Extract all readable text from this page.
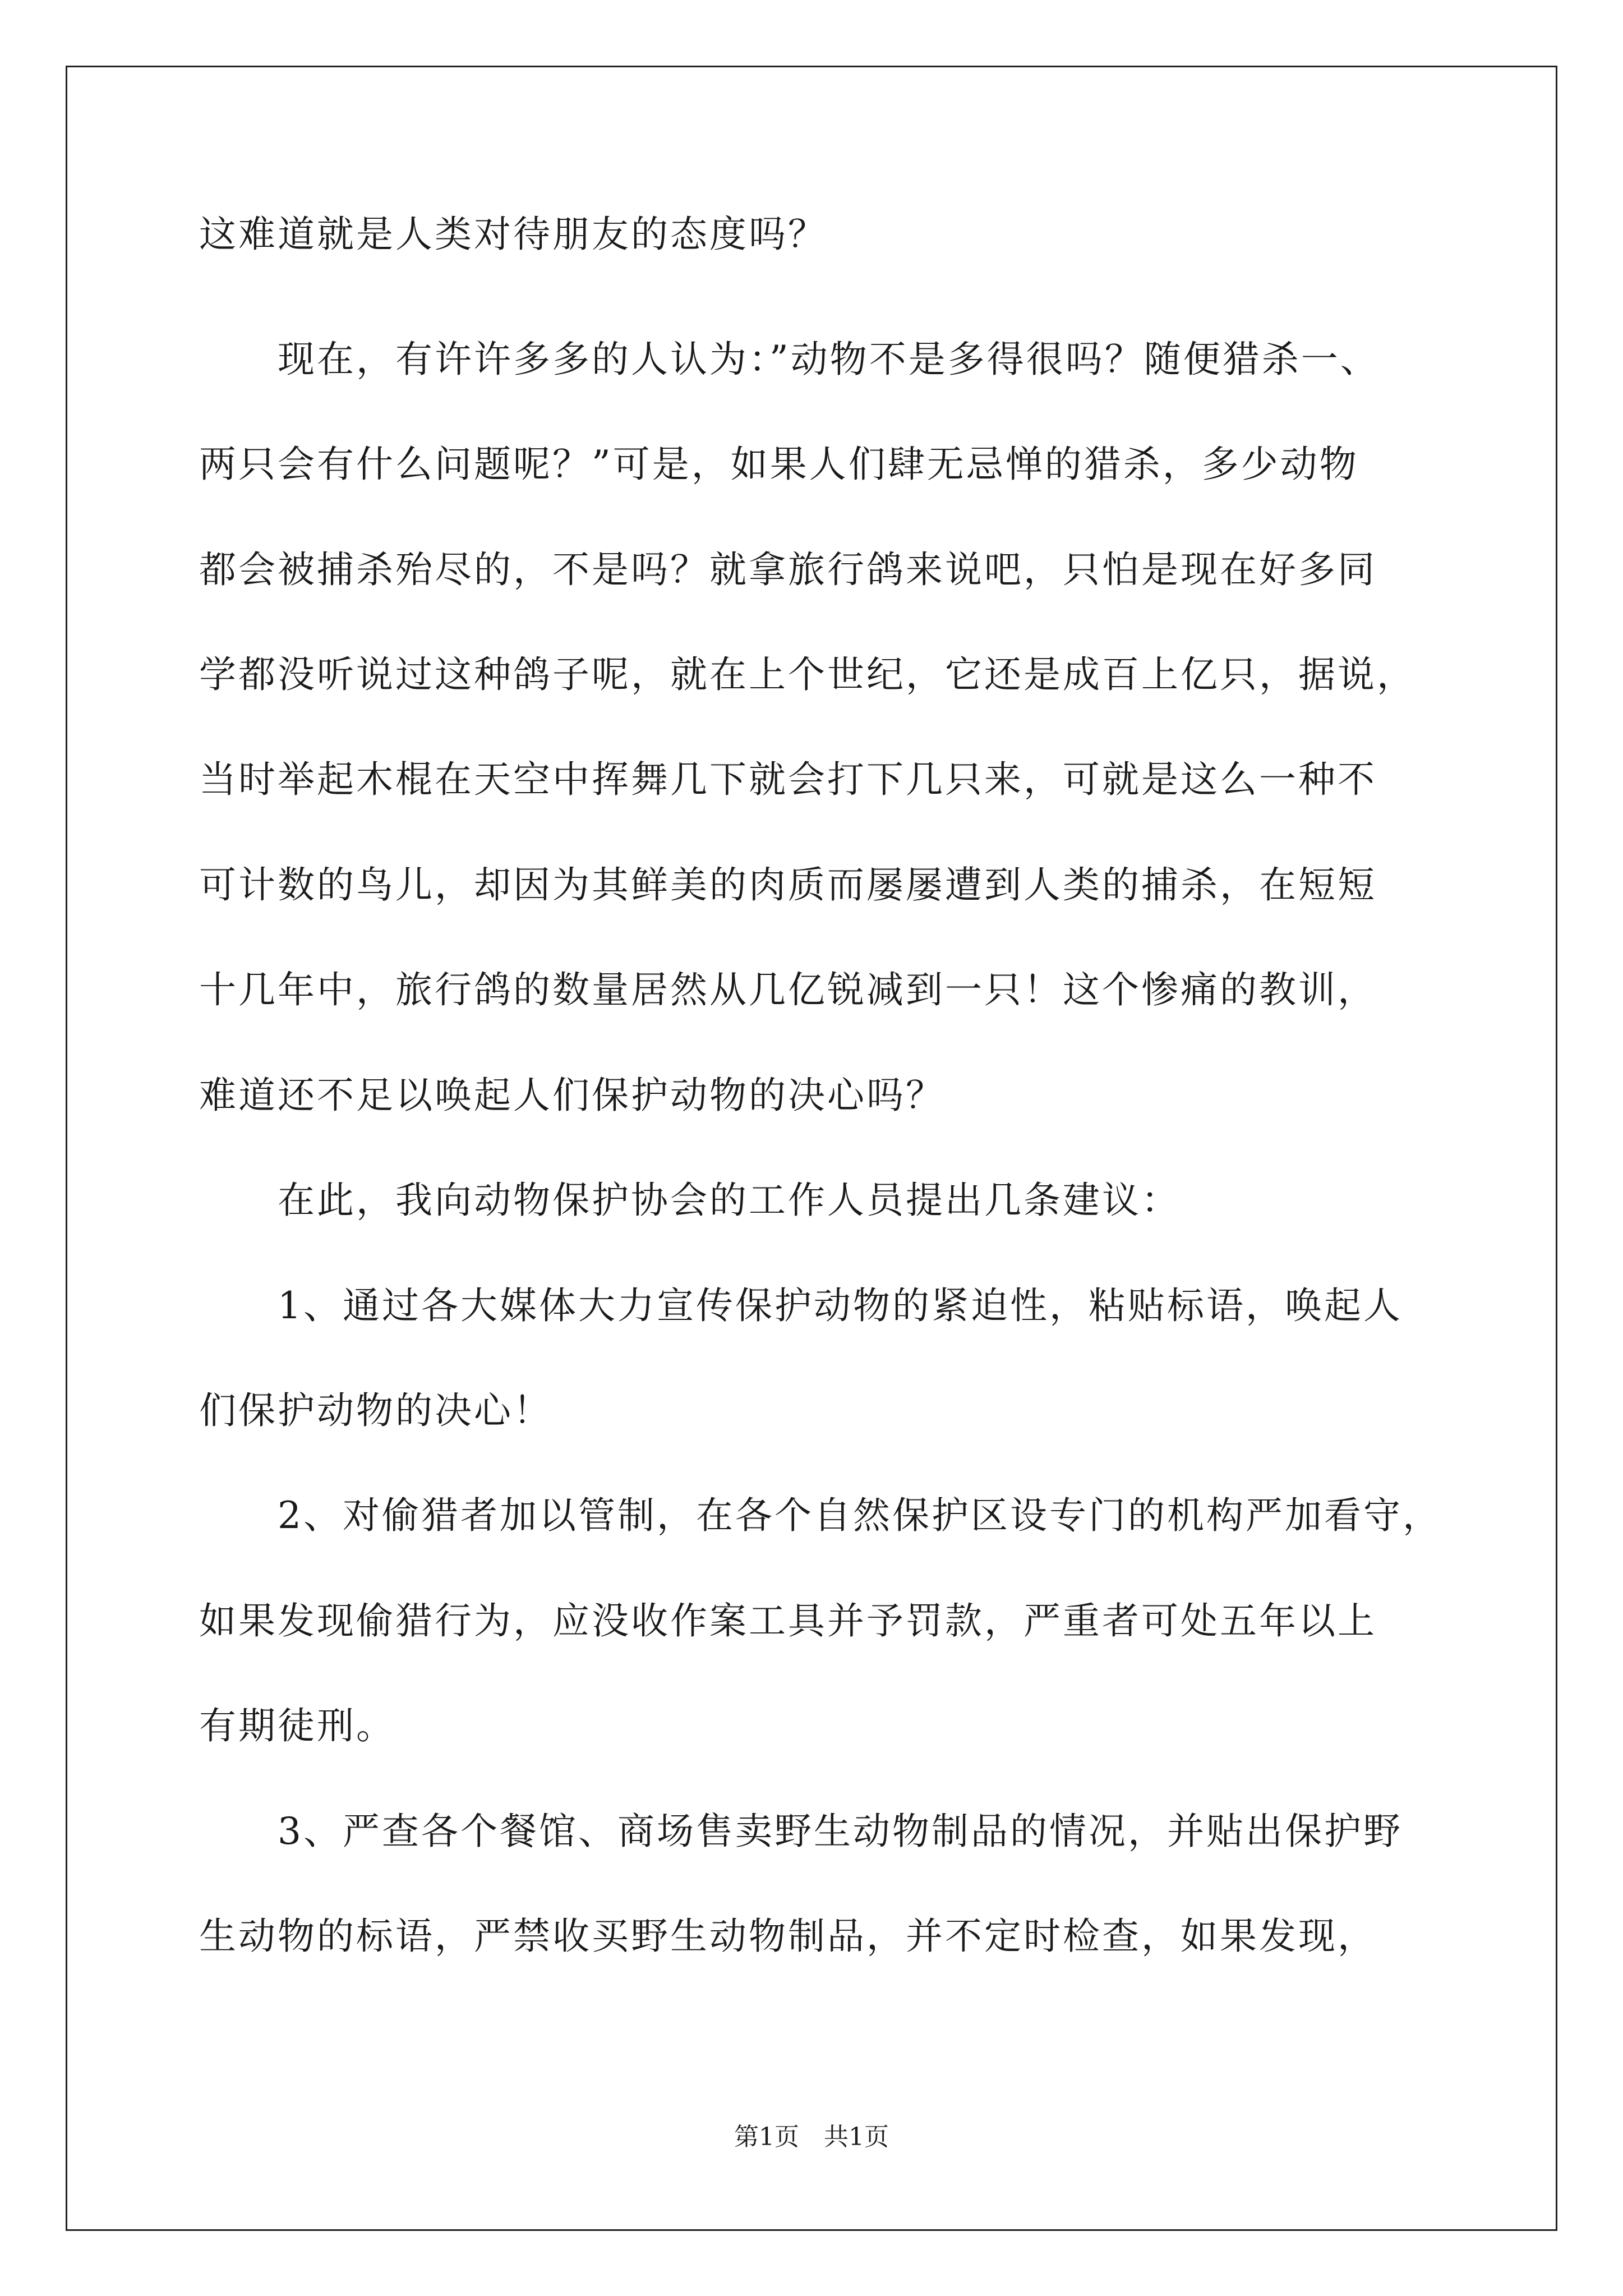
这难道就是人类对待朋友的态度吗？
　　现在，有许许多多的人认为：”动物不是多得很吗？随便猎杀一、
两只会有什么问题呢？”可是，如果人们肆无忌惮的猎杀，多少动物
都会被捕杀殆尽的，不是吗？就拿旅行鸽来说吧，只怕是现在好多同
学都没听说过这种鸽子呢，就在上个世纪，它还是成百上亿只，据说，
当时举起木棍在天空中挥舞几下就会打下几只来，可就是这么一种不
可计数的鸟儿，却因为其鲜美的肉质而屡屡遭到人类的捕杀，在短短
十几年中，旅行鸽的数量居然从几亿锐减到一只！这个惨痛的教训，
难道还不足以唤起人们保护动物的决心吗？
　　在此，我向动物保护协会的工作人员提出几条建议：
　　1、通过各大媒体大力宣传保护动物的紧迫性，粘贴标语，唤起人
们保护动物的决心！
　　2、对偷猎者加以管制，在各个自然保护区设专门的机构严加看守，
如果发现偷猎行为，应没收作案工具并予罚款，严重者可处五年以上
有期徒刑。
　　3、严查各个餐馆、商场售卖野生动物制品的情况，并贴出保护野
生动物的标语，严禁收买野生动物制品，并不定时检查，如果发现，
第1页　共1页
